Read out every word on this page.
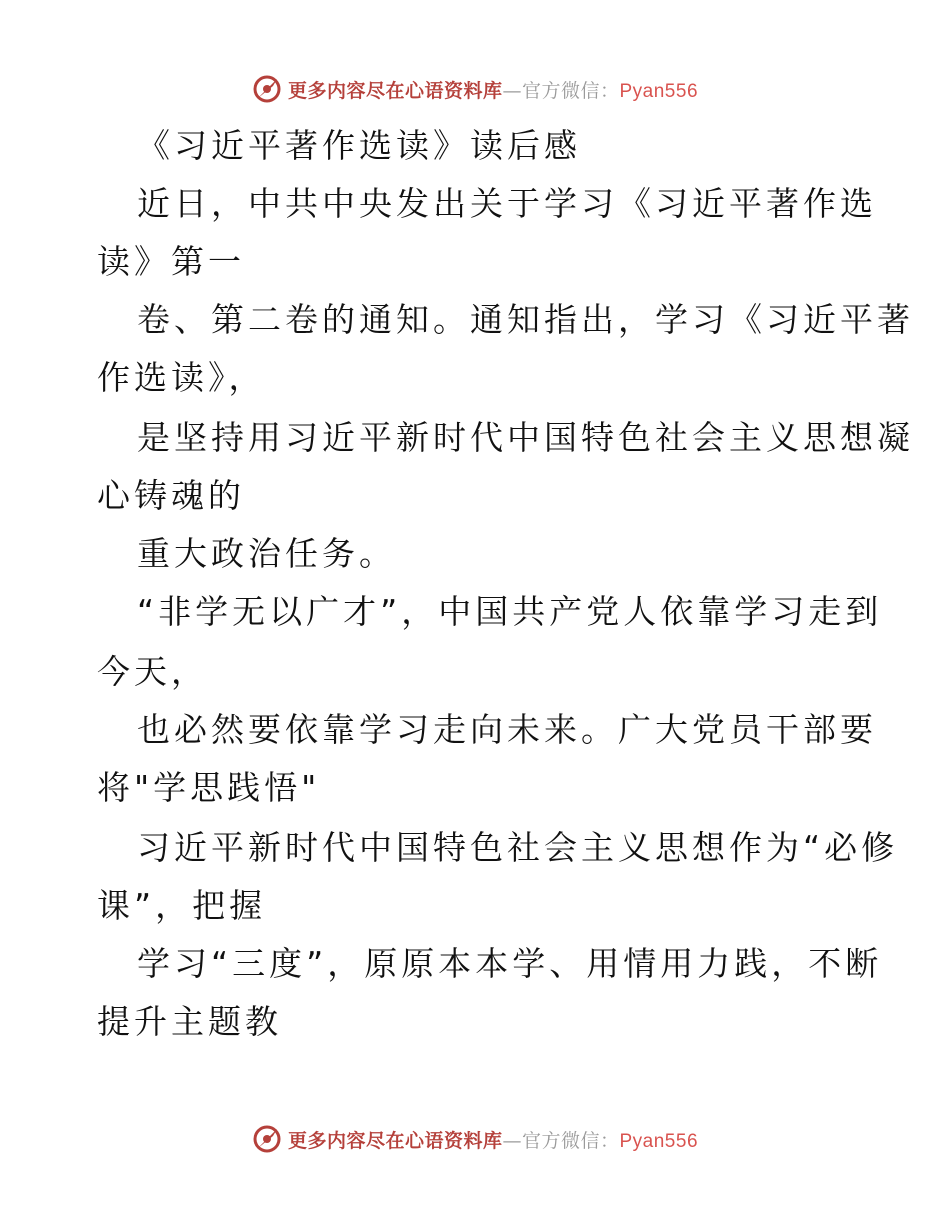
更多内容尽在心语资料库—官方微信：Pyan556
《习近平著作选读》读后感
近日，中共中央发出关于学习《习近平著作选
读》第一
卷、第二卷的通知。通知指出，学习《习近平著
作选读》，
是坚持用习近平新时代中国特色社会主义思想凝
心铸魂的
重大政治任务。
“非学无以广才”，中国共产党人依靠学习走到
今天，
也必然要依靠学习走向未来。广大党员干部要
将"学思践悟"
习近平新时代中国特色社会主义思想作为“必修
课”，把握
学习“三度”，原原本本学、用情用力践，不断
提升主题教
更多内容尽在心语资料库—官方微信：Pyan556
